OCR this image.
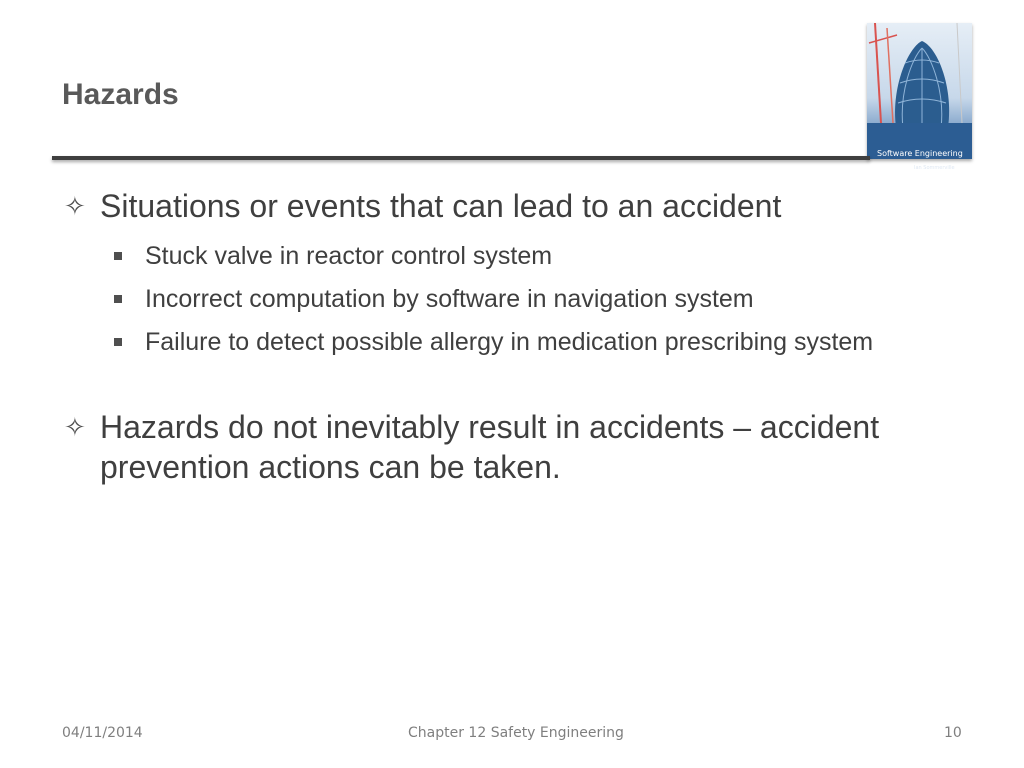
Hazards
Software Engineering
Ian Sommerville
✧ Situations or events that can lead to an accident
Stuck valve in reactor control system
Incorrect computation by software in navigation system
Failure to detect possible allergy in medication prescribing system
✧ Hazards do not inevitably result in accidents – accident prevention actions can be taken.
04/11/2014	Chapter 12 Safety Engineering	10
